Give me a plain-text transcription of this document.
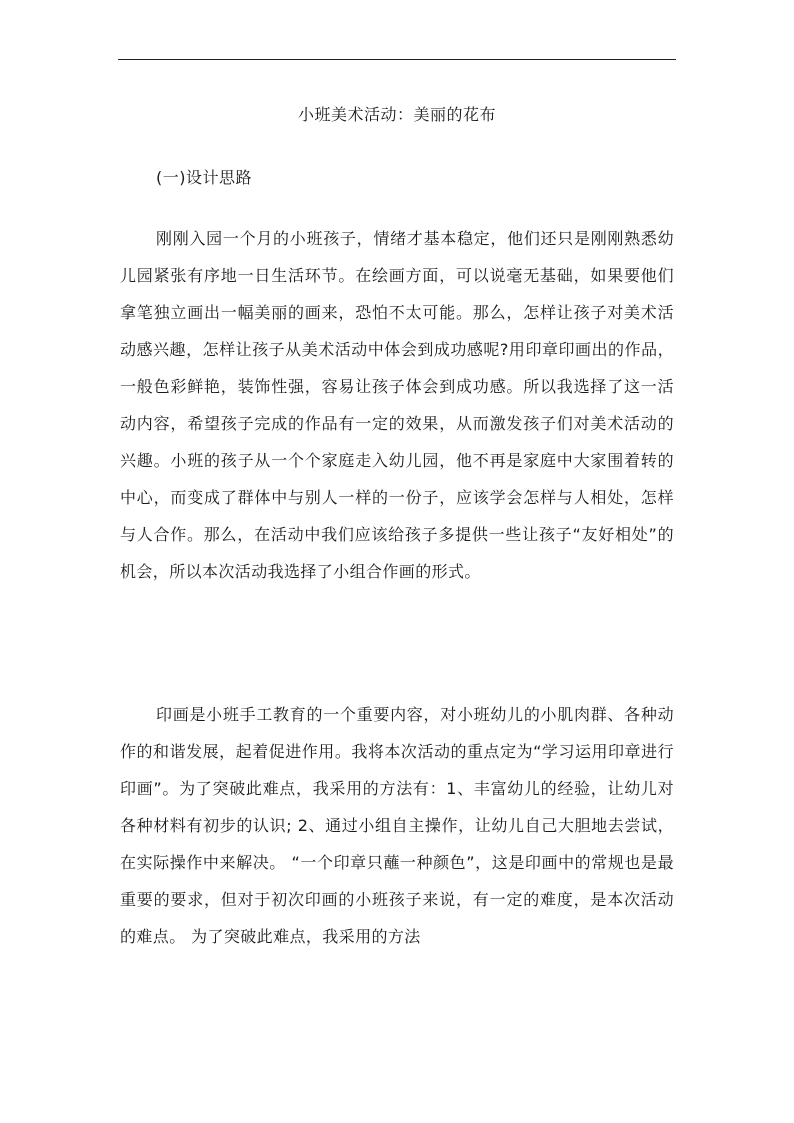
小班美术活动：美丽的花布
(一)设计思路

刚刚入园一个月的小班孩子，情绪才基本稳定，他们还只是刚刚熟悉幼儿园紧张有序地一日生活环节。在绘画方面，可以说毫无基础，如果要他们拿笔独立画出一幅美丽的画来，恐怕不太可能。那么，怎样让孩子对美术活动感兴趣，怎样让孩子从美术活动中体会到成功感呢?用印章印画出的作品，一般色彩鲜艳，装饰性强，容易让孩子体会到成功感。所以我选择了这一活动内容，希望孩子完成的作品有一定的效果，从而激发孩子们对美术活动的兴趣。小班的孩子从一个个家庭走入幼儿园，他不再是家庭中大家围着转的中心，而变成了群体中与别人一样的一份子，应该学会怎样与人相处，怎样与人合作。那么，在活动中我们应该给孩子多提供一些让孩子“友好相处”的机会，所以本次活动我选择了小组合作画的形式。

印画是小班手工教育的一个重要内容，对小班幼儿的小肌肉群、各种动作的和谐发展，起着促进作用。我将本次活动的重点定为“学习运用印章进行印画”。为了突破此难点，我采用的方法有：1、丰富幼儿的经验，让幼儿对各种材料有初步的认识; 2、通过小组自主操作，让幼儿自己大胆地去尝试，在实际操作中来解决。 “一个印章只蘸一种颜色”，这是印画中的常规也是最重要的要求，但对于初次印画的小班孩子来说，有一定的难度，是本次活动的难点。 为了突破此难点，我采用的方法
